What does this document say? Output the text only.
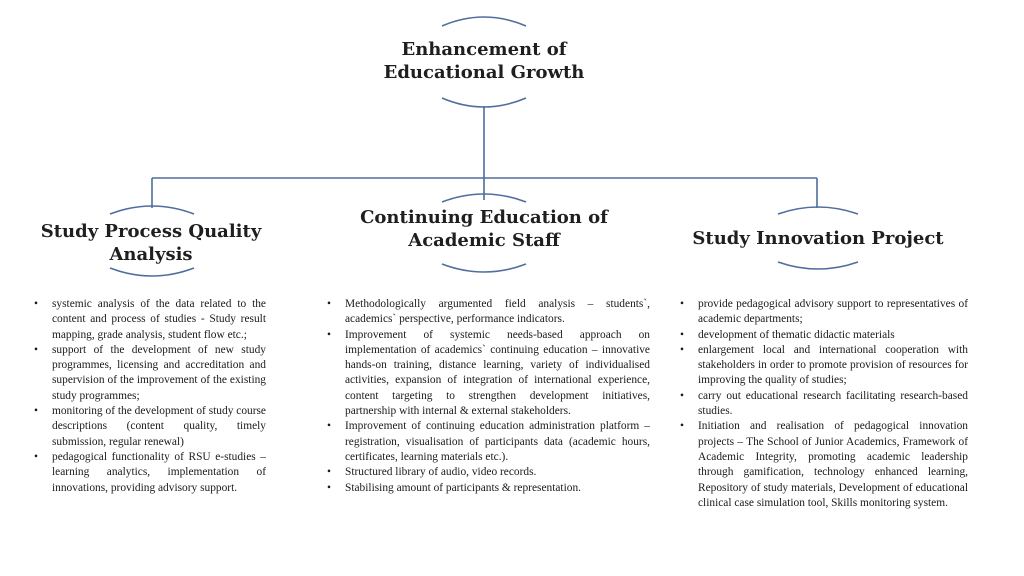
Enhancement of
Educational Growth
Study Process Quality
Analysis
Continuing Education of
Academic Staff	Study Innovation Project
• systemic analysis of the data related to the content and process of studies - Study result mapping, grade analysis, student flow etc.;
• support of the development of new study programmes, licensing and accreditation and supervision of the improvement of the existing study programmes;
• monitoring of the development of study course descriptions (content quality, timely submission, regular renewal)
• pedagogical functionality of RSU e-studies – learning analytics, implementation of innovations, providing advisory support.
• Methodologically argumented field analysis – students`, academics` perspective, performance indicators.
• Improvement of systemic needs-based approach on implementation of academics` continuing education – innovative hands-on training, distance learning, variety of individualised activities, expansion of integration of international experience, content targeting to strengthen development initiatives, partnership with internal & external stakeholders.
• Improvement of continuing education administration platform – registration, visualisation of participants data (academic hours, certificates, learning materials etc.).
• Structured library of audio, video records.
• Stabilising amount of participants & representation.
• provide pedagogical advisory support to representatives of academic departments;
• development of thematic didactic materials
• enlargement local and international cooperation with stakeholders in order to promote provision of resources for improving the quality of studies;
• carry out educational research facilitating research-based studies.
• Initiation and realisation of pedagogical innovation projects – The School of Junior Academics, Framework of Academic Integrity, promoting academic leadership through gamification, technology enhanced learning, Repository of study materials, Development of educational clinical case simulation tool, Skills monitoring system.
